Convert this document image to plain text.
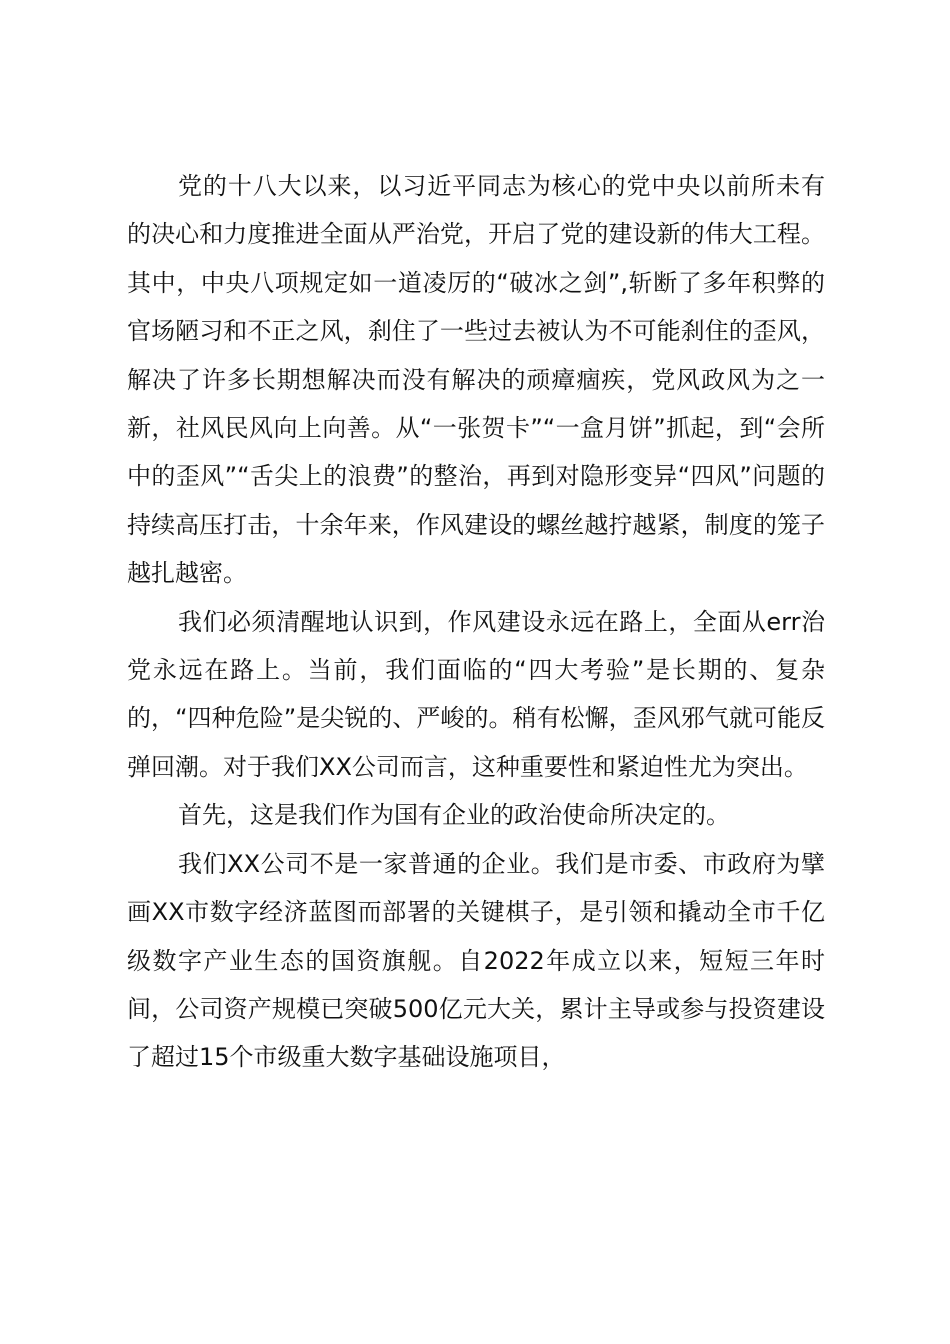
党的十八大以来，以习近平同志为核心的党中央以前所未有的决心和力度推进全面从严治党，开启了党的建设新的伟大工程。其中，中央八项规定如一道凌厉的“破冰之剑”,斩断了多年积弊的官场陋习和不正之风，刹住了一些过去被认为不可能刹住的歪风，解决了许多长期想解决而没有解决的顽瘴痼疾，党风政风为之一新，社风民风向上向善。从“一张贺卡”“一盒月饼”抓起，到“会所中的歪风”“舌尖上的浪费”的整治，再到对隐形变异“四风”问题的持续高压打击，十余年来，作风建设的螺丝越拧越紧，制度的笼子越扎越密。

我们必须清醒地认识到，作风建设永远在路上，全面从err治党永远在路上。当前，我们面临的“四大考验”是长期的、复杂的，“四种危险”是尖锐的、严峻的。稍有松懈，歪风邪气就可能反弹回潮。对于我们XX公司而言，这种重要性和紧迫性尤为突出。

首先，这是我们作为国有企业的政治使命所决定的。

我们XX公司不是一家普通的企业。我们是市委、市政府为擘画XX市数字经济蓝图而部署的关键棋子，是引领和撬动全市千亿级数字产业生态的国资旗舰。自2022年成立以来，短短三年时间，公司资产规模已突破500亿元大关，累计主导或参与投资建设了超过15个市级重大数字基础设施项目，
